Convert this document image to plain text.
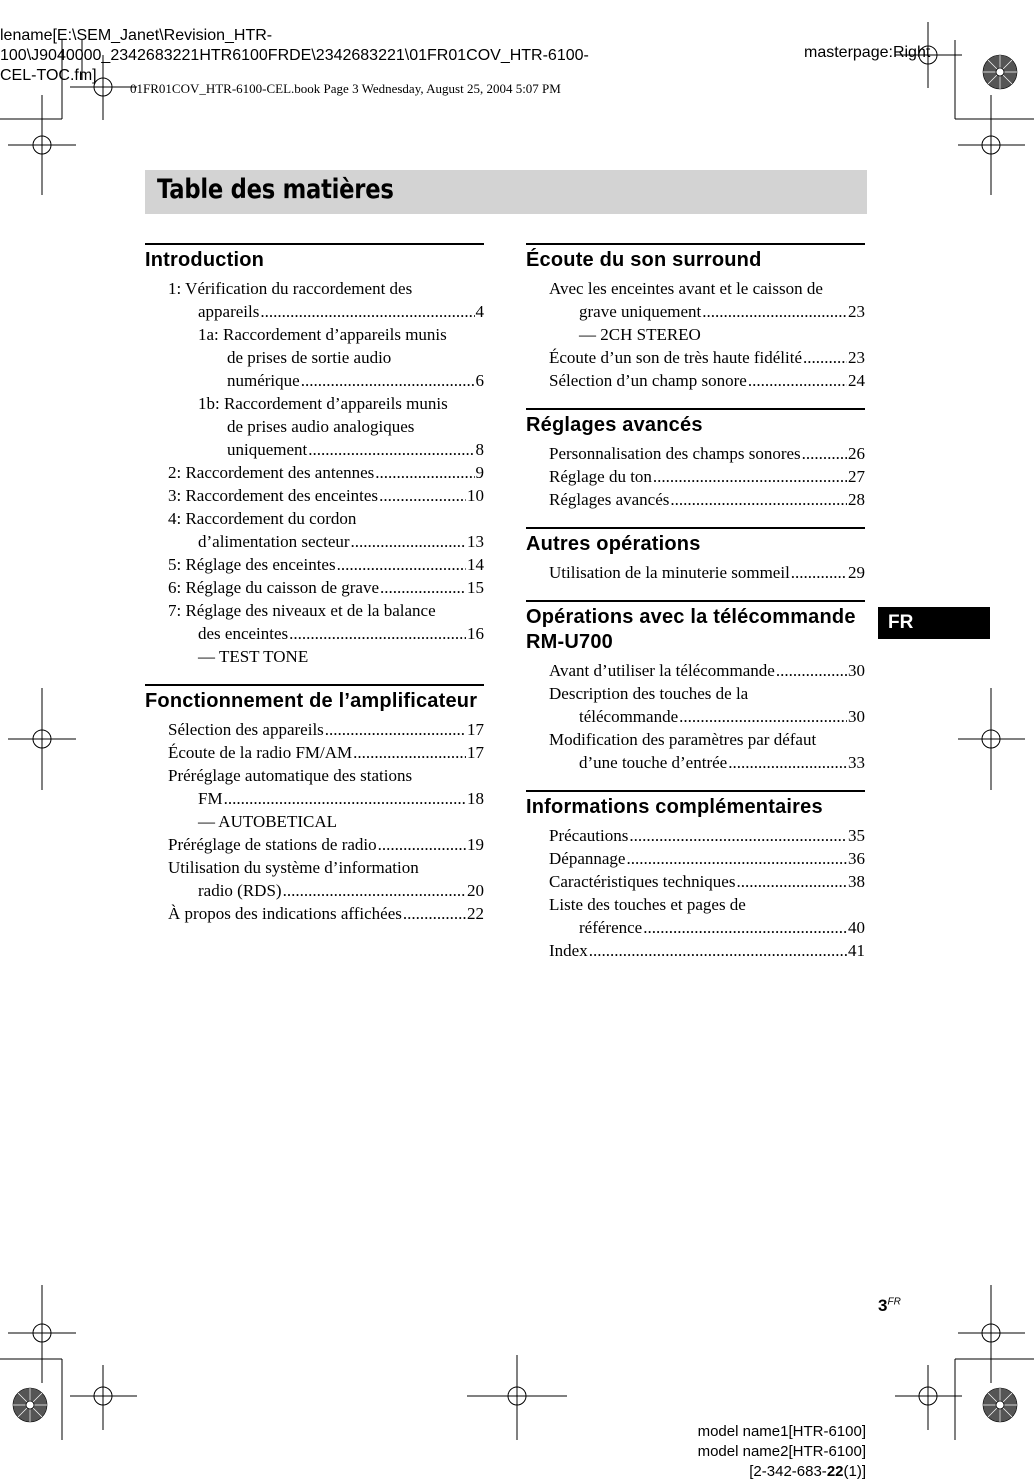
lename[E:\SEM_Janet\Revision_HTR-
100\J9040000_2342683221HTR6100FRDE\2342683221\01FR01COV_HTR-6100-
CEL-TOC.fm]
masterpage:Right
01FR01COV_HTR-6100-CEL.book Page 3 Wednesday, August 25, 2004 5:07 PM
Table des matières
Introduction
1: Vérification du raccordement des
appareils .....	4
1a: Raccordement d’appareils munis
de prises de sortie audio
numérique .....	6
1b: Raccordement d’appareils munis
de prises audio analogiques
uniquement .....	8
2: Raccordement des antennes .....	9
3: Raccordement des enceintes .....	10
4: Raccordement du cordon
d’alimentation secteur .....	13
5: Réglage des enceintes .....	14
6: Réglage du caisson de grave .....	15
7: Réglage des niveaux et de la balance
des enceintes .....	16
— TEST TONE
Fonctionnement de l’amplificateur
Sélection des appareils .....	17
Écoute de la radio FM/AM .....	17
Préréglage automatique des stations
FM .....	18
— AUTOBETICAL
Préréglage de stations de radio .....	19
Utilisation du système d’information
radio (RDS) .....	20
À propos des indications affichées .....	22
Écoute du son surround
Avec les enceintes avant et le caisson de
grave uniquement .....	23
— 2CH STEREO
Écoute d’un son de très haute fidélité .....	23
Sélection d’un champ sonore .....	24
Réglages avancés
Personnalisation des champs sonores .....	26
Réglage du ton .....	27
Réglages avancés .....	28
Autres opérations
Utilisation de la minuterie sommeil .....	29
Opérations avec la télécommande RM-U700
Avant d’utiliser la télécommande .....	30
Description des touches de la
télécommande .....	30
Modification des paramètres par défaut
d’une touche d’entrée .....	33
Informations complémentaires
Précautions .....	35
Dépannage .....	36
Caractéristiques techniques .....	38
Liste des touches et pages de
référence .....	40
Index .....	41
FR
$3^{FR}$
model name1[HTR-6100]
model name2[HTR-6100]
[2-342-683-22(1)]
